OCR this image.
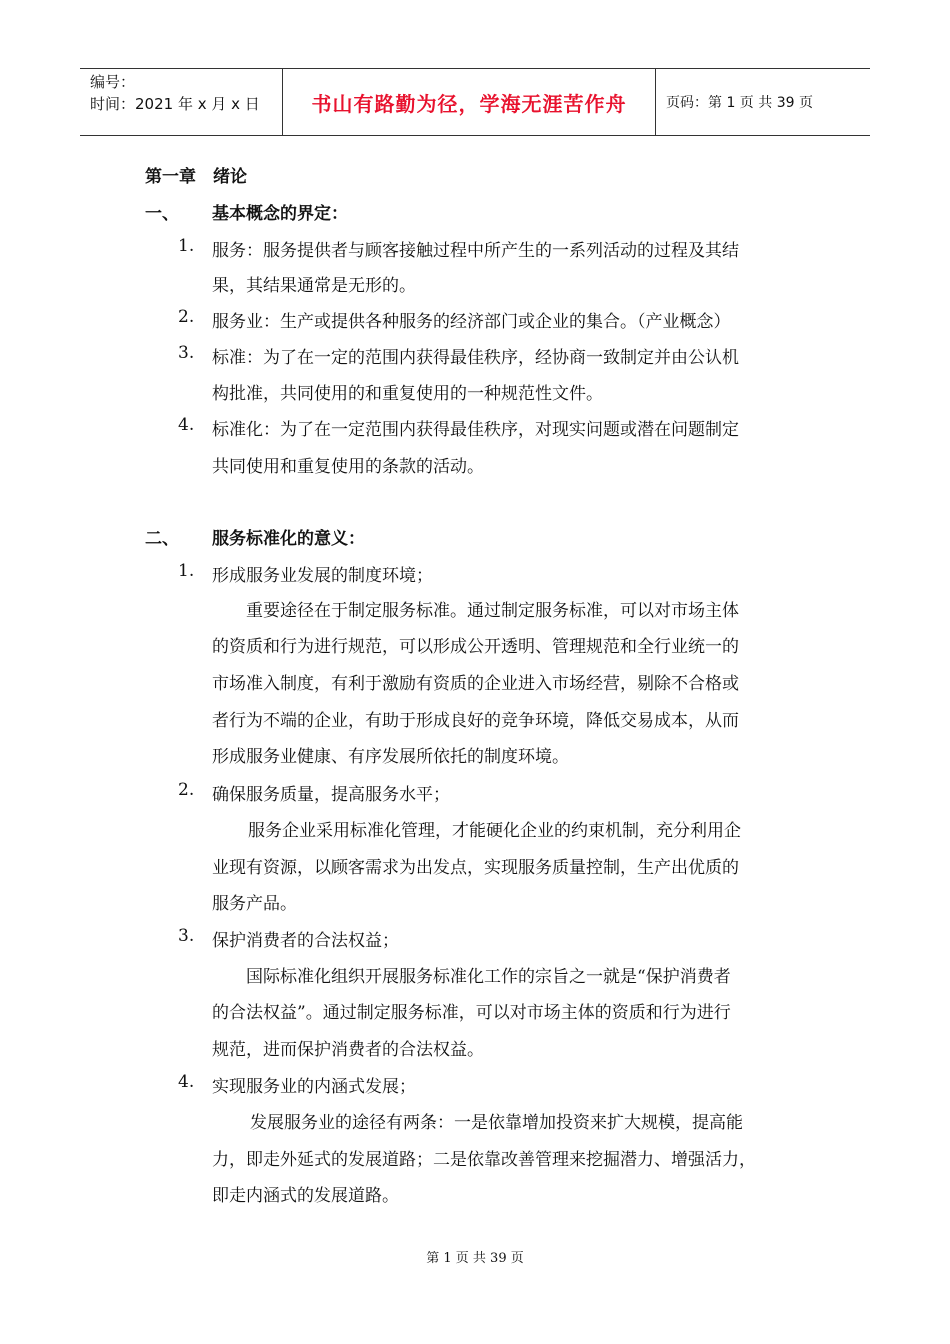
编号：
时间：2021 年 x 月 x 日	书山有路勤为径，学海无涯苦作舟	页码：第 1 页 共 39 页
第一章　绪论
一、 基本概念的界定：
1. 服务：服务提供者与顾客接触过程中所产生的一系列活动的过程及其结
果，其结果通常是无形的。
2. 服务业：生产或提供各种服务的经济部门或企业的集合。（产业概念）
3. 标准：为了在一定的范围内获得最佳秩序，经协商一致制定并由公认机
构批准，共同使用的和重复使用的一种规范性文件。
4. 标准化：为了在一定范围内获得最佳秩序，对现实问题或潜在问题制定
共同使用和重复使用的条款的活动。
二、 服务标准化的意义：
1. 形成服务业发展的制度环境；
重要途径在于制定服务标准。通过制定服务标准，可以对市场主体
的资质和行为进行规范，可以形成公开透明、管理规范和全行业统一的
市场准入制度，有利于激励有资质的企业进入市场经营，剔除不合格或
者行为不端的企业，有助于形成良好的竞争环境，降低交易成本，从而
形成服务业健康、有序发展所依托的制度环境。
2. 确保服务质量，提高服务水平；
服务企业采用标准化管理，才能硬化企业的约束机制，充分利用企
业现有资源，以顾客需求为出发点，实现服务质量控制，生产出优质的
服务产品。
3. 保护消费者的合法权益；
国际标准化组织开展服务标准化工作的宗旨之一就是“保护消费者
的合法权益”。通过制定服务标准，可以对市场主体的资质和行为进行
规范，进而保护消费者的合法权益。
4. 实现服务业的内涵式发展；
发展服务业的途径有两条：一是依靠增加投资来扩大规模，提高能
力，即走外延式的发展道路；二是依靠改善管理来挖掘潜力、增强活力，
即走内涵式的发展道路。
第 1 页 共 39 页
